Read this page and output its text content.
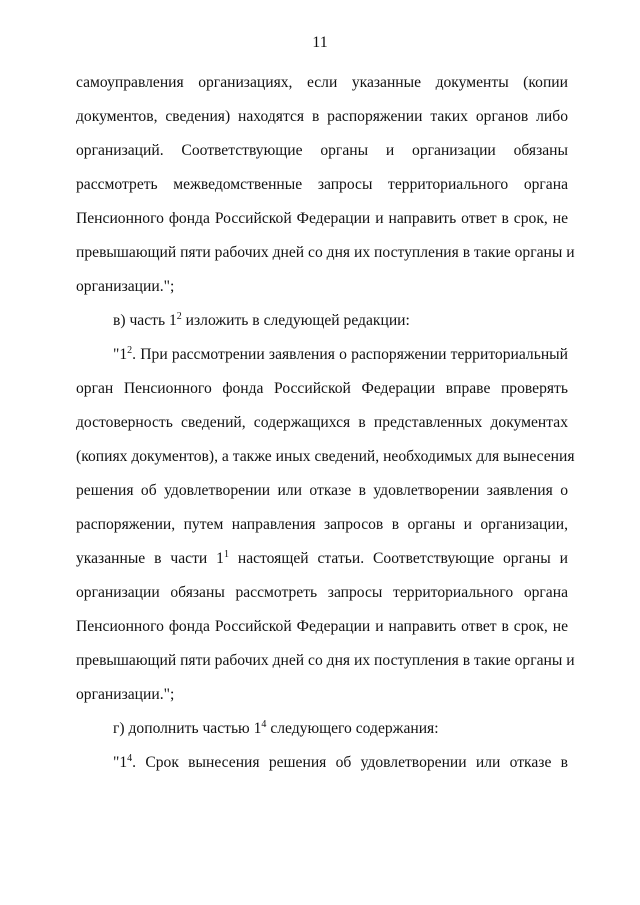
11

самоуправления организациях, если указанные документы (копии
документов, сведения) находятся в распоряжении таких органов либо
организаций. Соответствующие органы и организации обязаны
рассмотреть межведомственные запросы территориального органа
Пенсионного фонда Российской Федерации и направить ответ в срок, не
превышающий пяти рабочих дней со дня их поступления в такие органы и
организации.";

в) часть $1^2$ изложить в следующей редакции:

"$1^2$. При рассмотрении заявления о распоряжении территориальный

орган Пенсионного фонда Российской Федерации вправе проверять
достоверность сведений, содержащихся в представленных документах
(копиях документов), а также иных сведений, необходимых для вынесения
решения об удовлетворении или отказе в удовлетворении заявления о
распоряжении, путем направления запросов в органы и организации,
указанные в части $1^1$ настоящей статьи. Соответствующие органы и
организации обязаны рассмотреть запросы территориального органа
Пенсионного фонда Российской Федерации и направить ответ в срок, не
превышающий пяти рабочих дней со дня их поступления в такие органы и
организации.";

г) дополнить частью $1^4$ следующего содержания:

"$1^4$. Срок вынесения решения об удовлетворении или отказе в
